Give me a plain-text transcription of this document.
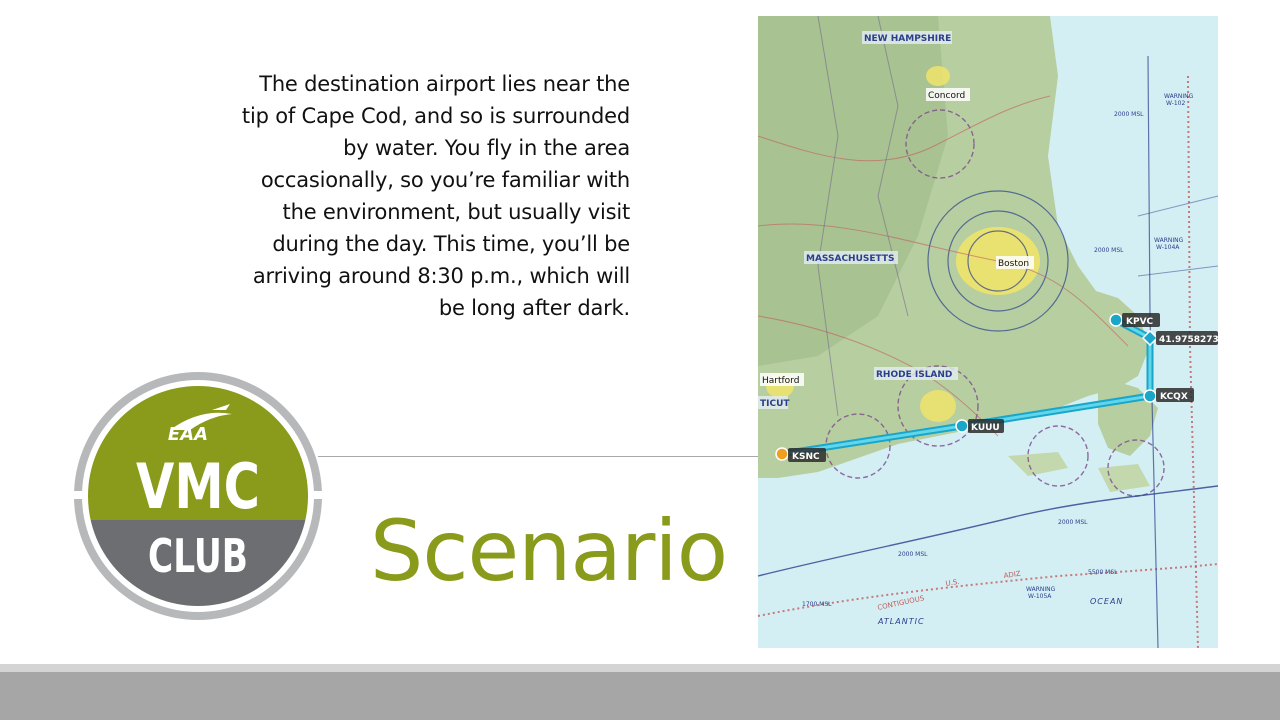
The destination airport lies near the tip of Cape Cod, and so is surrounded by water. You fly in the area occasionally, so you’re familiar with the environment, but usually visit during the day. This time, you’ll be arriving around 8:30 p.m., which will be long after dark.

Scenario
EAA
VMC
CLUB
NEW HAMPSHIRE
MASSACHUSETTS
RHODE ISLAND
TICUT
Concord
Boston
Hartford
WARNING
W-102
WARNING
W-104A
WARNING
W-105A
2000 MSL
2000 MSL
2000 MSL
2000 MSL
5500 MSL
1700 MSL	CONTIGUOUS
U.S.
ADIZ
ATLANTIC
OCEAN
KSNC
KUUU
KCQX
41.9758273/-
KPVC
